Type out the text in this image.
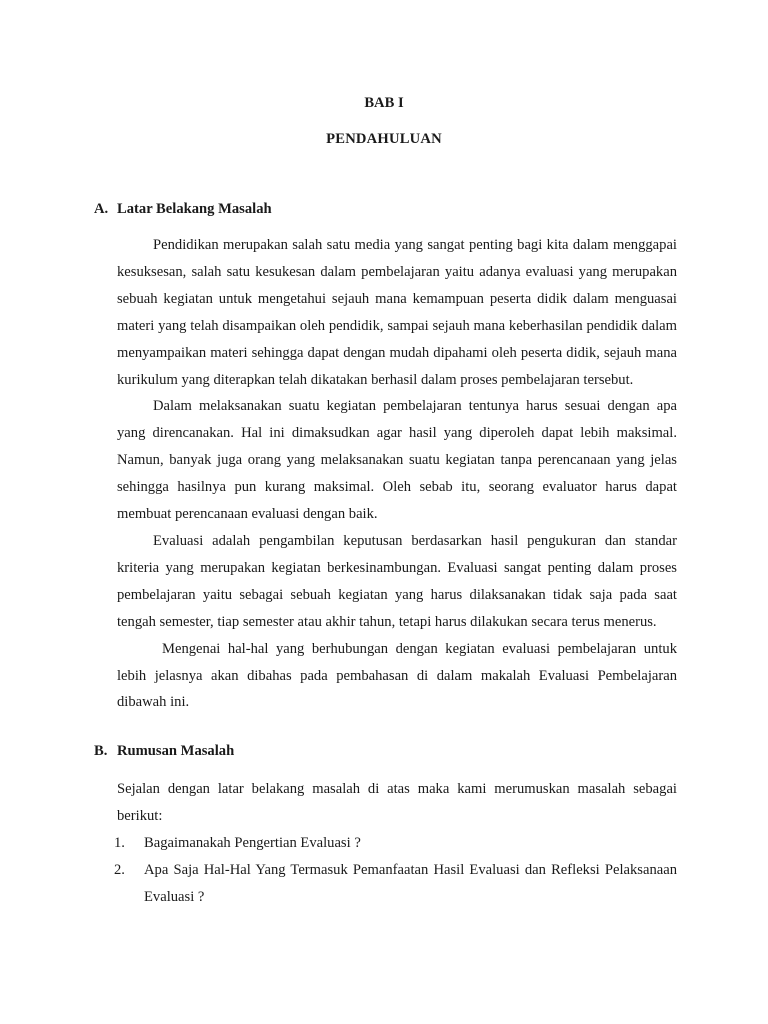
BAB I
PENDAHULUAN
A. Latar Belakang Masalah

Pendidikan merupakan salah satu media yang sangat penting bagi kita dalam menggapai kesuksesan, salah satu kesukesan dalam pembelajaran yaitu adanya evaluasi yang merupakan sebuah kegiatan untuk mengetahui sejauh mana kemampuan peserta didik dalam menguasai materi yang telah disampaikan oleh pendidik, sampai sejauh mana keberhasilan pendidik dalam menyampaikan materi sehingga dapat dengan mudah dipahami oleh peserta didik, sejauh mana kurikulum yang diterapkan telah dikatakan berhasil dalam proses pembelajaran tersebut.

Dalam melaksanakan suatu kegiatan pembelajaran tentunya harus sesuai dengan apa yang direncanakan. Hal ini dimaksudkan agar hasil yang diperoleh dapat lebih maksimal. Namun, banyak juga orang yang melaksanakan suatu kegiatan tanpa perencanaan yang jelas sehingga hasilnya pun kurang maksimal. Oleh sebab itu, seorang evaluator harus dapat membuat perencanaan evaluasi dengan baik.

Evaluasi adalah pengambilan keputusan berdasarkan hasil pengukuran dan standar kriteria yang merupakan kegiatan berkesinambungan. Evaluasi sangat penting dalam proses pembelajaran yaitu sebagai sebuah kegiatan yang harus dilaksanakan tidak saja pada saat tengah semester, tiap semester atau akhir tahun, tetapi harus dilakukan secara terus menerus.

Mengenai hal-hal yang berhubungan dengan kegiatan evaluasi pembelajaran untuk lebih jelasnya akan dibahas pada pembahasan di dalam makalah Evaluasi Pembelajaran dibawah ini.

B. Rumusan Masalah

Sejalan dengan latar belakang masalah di atas maka kami merumuskan masalah sebagai berikut:

1. Bagaimanakah Pengertian Evaluasi ?
2. Apa Saja Hal-Hal Yang Termasuk Pemanfaatan Hasil Evaluasi dan Refleksi Pelaksanaan Evaluasi ?
